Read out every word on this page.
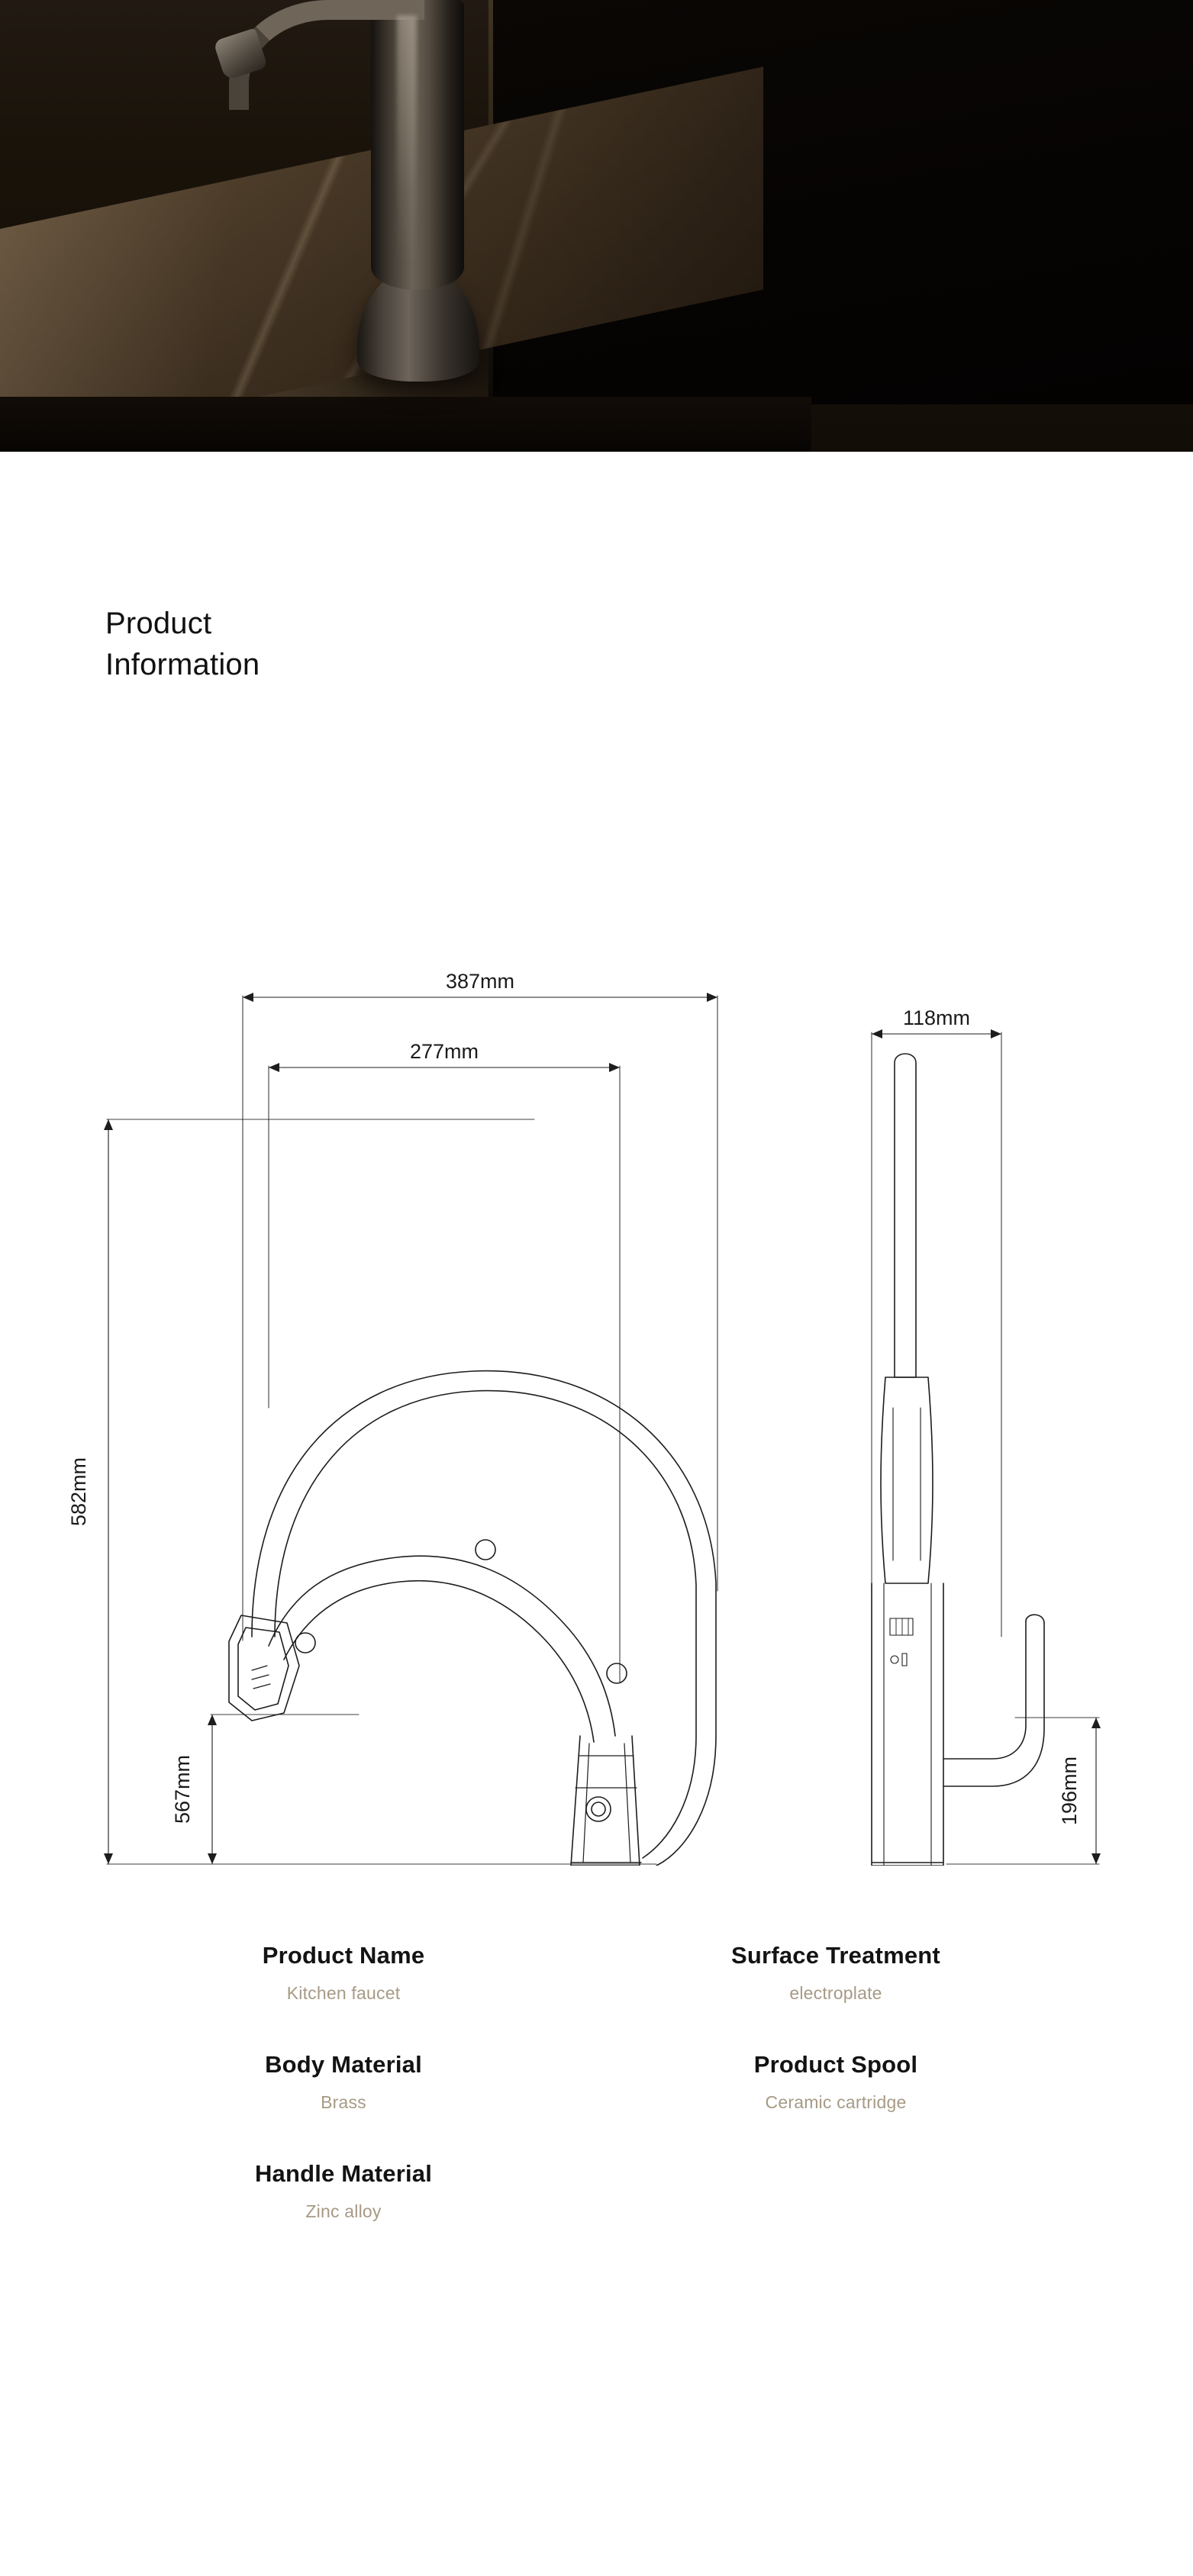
Product
Information
387mm
277mm
582mm
567mm
118mm
196mm
Product Name
Kitchen faucet
Surface Treatment
electroplate
Body Material
Brass
Product Spool
Ceramic cartridge
Handle Material
Zinc alloy
